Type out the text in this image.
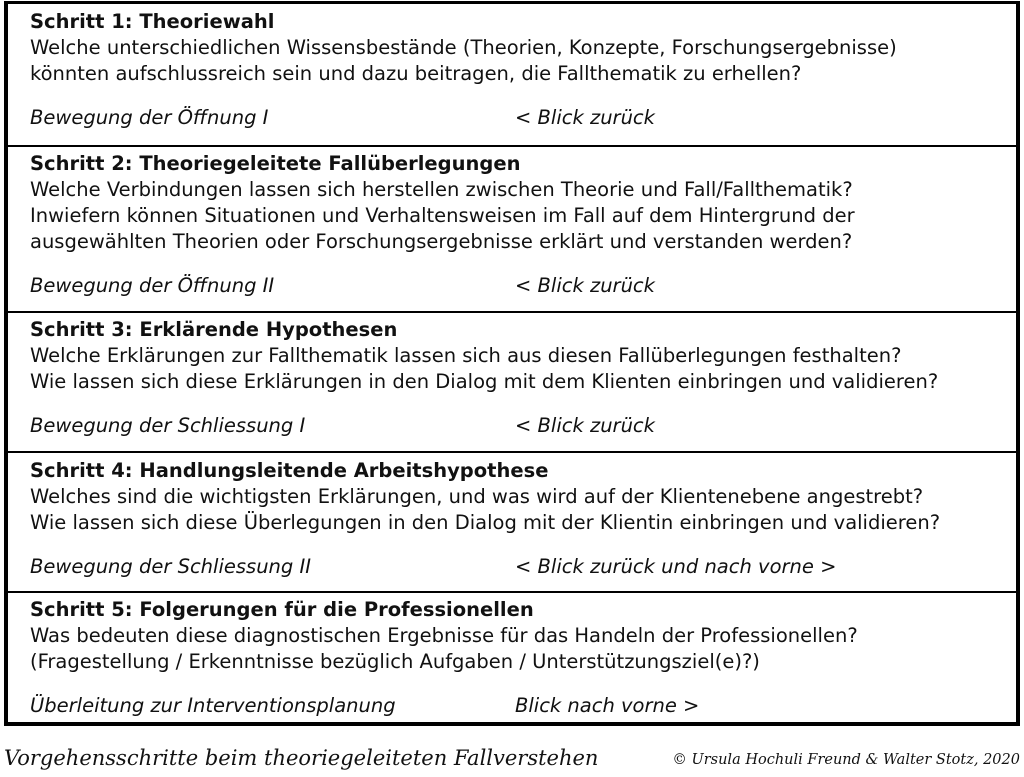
Schritt 1: Theoriewahl
Welche unterschiedlichen Wissensbestände (Theorien, Konzepte, Forschungsergebnisse)
könnten aufschlussreich sein und dazu beitragen, die Fallthematik zu erhellen?
Bewegung der Öffnung I	< Blick zurück
Schritt 2: Theoriegeleitete Fallüberlegungen
Welche Verbindungen lassen sich herstellen zwischen Theorie und Fall/Fallthematik?
Inwiefern können Situationen und Verhaltensweisen im Fall auf dem Hintergrund der
ausgewählten Theorien oder Forschungsergebnisse erklärt und verstanden werden?
Bewegung der Öffnung II	< Blick zurück
Schritt 3: Erklärende Hypothesen
Welche Erklärungen zur Fallthematik lassen sich aus diesen Fallüberlegungen festhalten?
Wie lassen sich diese Erklärungen in den Dialog mit dem Klienten einbringen und validieren?
Bewegung der Schliessung I	< Blick zurück
Schritt 4: Handlungsleitende Arbeitshypothese
Welches sind die wichtigsten Erklärungen, und was wird auf der Klientenebene angestrebt?
Wie lassen sich diese Überlegungen in den Dialog mit der Klientin einbringen und validieren?
Bewegung der Schliessung II	< Blick zurück und nach vorne >
Schritt 5: Folgerungen für die Professionellen
Was bedeuten diese diagnostischen Ergebnisse für das Handeln der Professionellen?
(Fragestellung / Erkenntnisse bezüglich Aufgaben / Unterstützungsziel(e)?)
Überleitung zur Interventionsplanung	Blick nach vorne >
Vorgehensschritte beim theoriegeleiteten Fallverstehen	© Ursula Hochuli Freund & Walter Stotz, 2020
